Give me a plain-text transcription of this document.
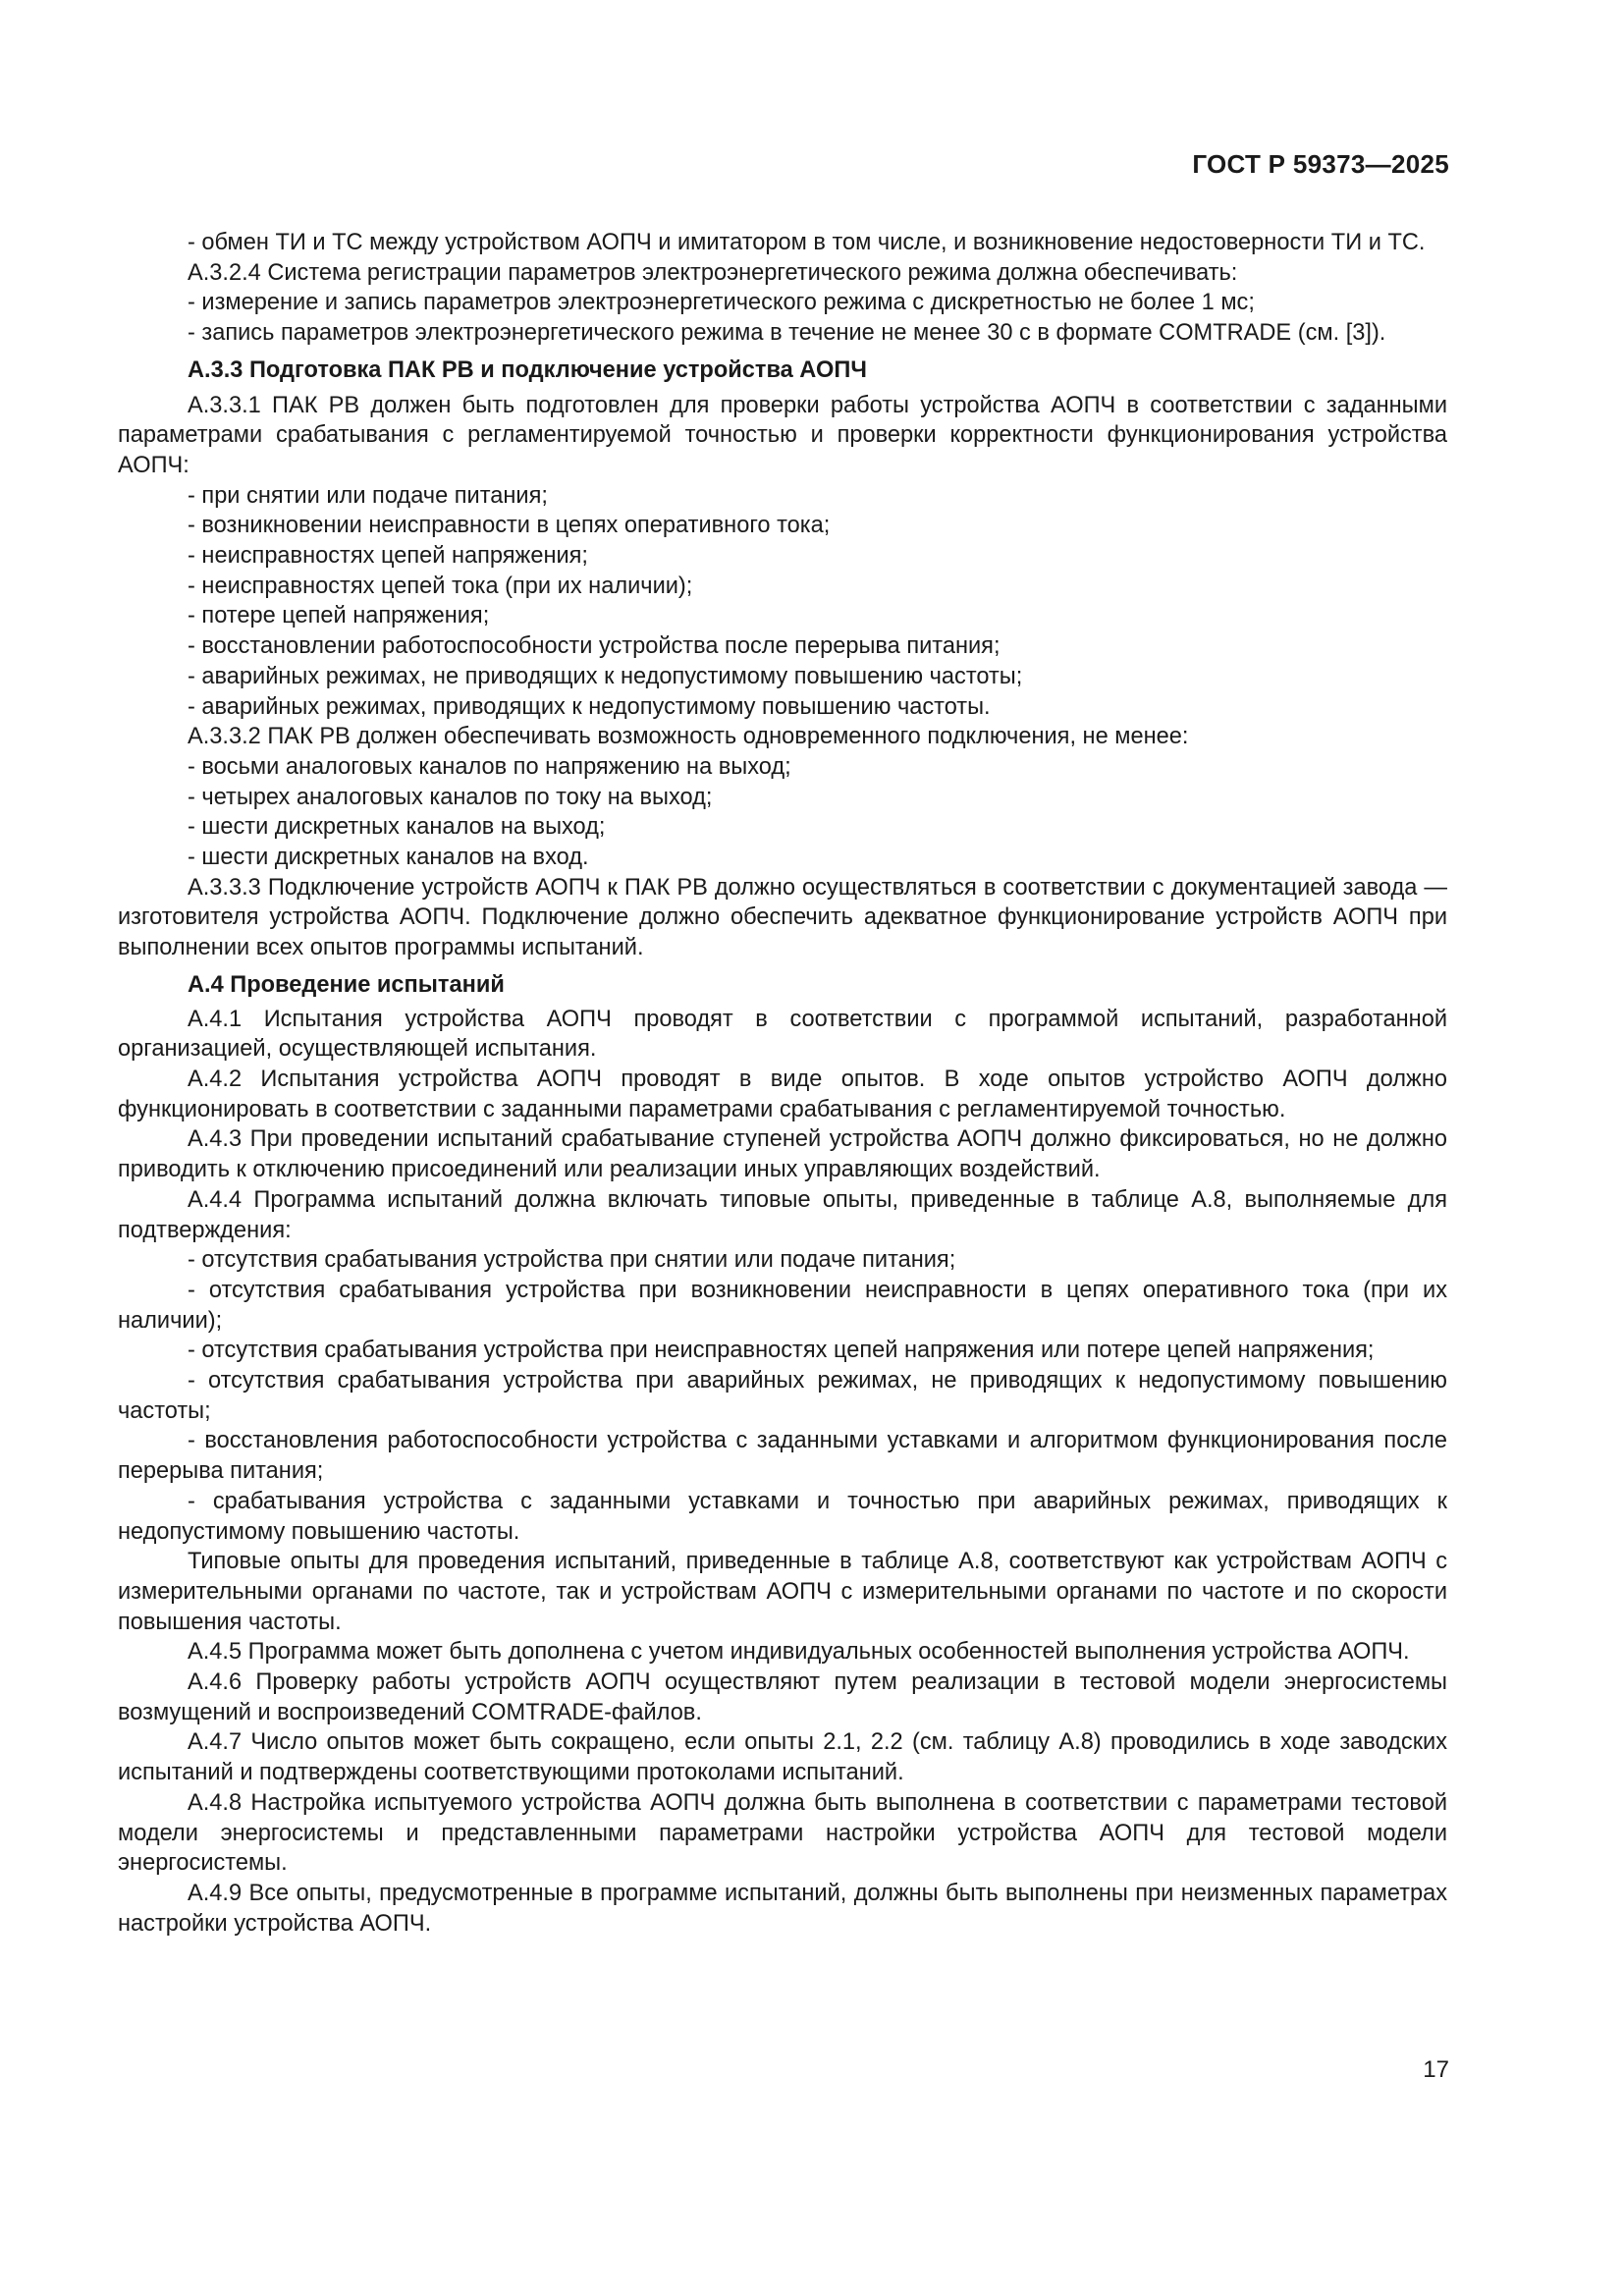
ГОСТ Р 59373—2025

- обмен ТИ и ТС между устройством АОПЧ и имитатором в том числе, и возникновение недостоверности ТИ и ТС.

А.3.2.4 Система регистрации параметров электроэнергетического режима должна обеспечивать:

- измерение и запись параметров электроэнергетического режима с дискретностью не более 1 мс;

- запись параметров электроэнергетического режима в течение не менее 30 с в формате COMTRADE (см. [3]).

А.3.3 Подготовка ПАК РВ и подключение устройства АОПЧ

А.3.3.1 ПАК РВ должен быть подготовлен для проверки работы устройства АОПЧ в соответствии с заданными параметрами срабатывания с регламентируемой точностью и проверки корректности функционирования устройства АОПЧ:

- при снятии или подаче питания;

- возникновении неисправности в цепях оперативного тока;

- неисправностях цепей напряжения;

- неисправностях цепей тока (при их наличии);

- потере цепей напряжения;

- восстановлении работоспособности устройства после перерыва питания;

- аварийных режимах, не приводящих к недопустимому повышению частоты;

- аварийных режимах, приводящих к недопустимому повышению частоты.

А.3.3.2 ПАК РВ должен обеспечивать возможность одновременного подключения, не менее:

- восьми аналоговых каналов по напряжению на выход;

- четырех аналоговых каналов по току на выход;

- шести дискретных каналов на выход;

- шести дискретных каналов на вход.

А.3.3.3 Подключение устройств АОПЧ к ПАК РВ должно осуществляться в соответствии с документацией завода — изготовителя устройства АОПЧ. Подключение должно обеспечить адекватное функционирование устройств АОПЧ при выполнении всех опытов программы испытаний.

А.4 Проведение испытаний

А.4.1 Испытания устройства АОПЧ проводят в соответствии с программой испытаний, разработанной организацией, осуществляющей испытания.

А.4.2 Испытания устройства АОПЧ проводят в виде опытов. В ходе опытов устройство АОПЧ должно функционировать в соответствии с заданными параметрами срабатывания с регламентируемой точностью.

А.4.3 При проведении испытаний срабатывание ступеней устройства АОПЧ должно фиксироваться, но не должно приводить к отключению присоединений или реализации иных управляющих воздействий.

А.4.4 Программа испытаний должна включать типовые опыты, приведенные в таблице А.8, выполняемые для подтверждения:

- отсутствия срабатывания устройства при снятии или подаче питания;

- отсутствия срабатывания устройства при возникновении неисправности в цепях оперативного тока (при их наличии);

- отсутствия срабатывания устройства при неисправностях цепей напряжения или потере цепей напряжения;

- отсутствия срабатывания устройства при аварийных режимах, не приводящих к недопустимому повышению частоты;

- восстановления работоспособности устройства с заданными уставками и алгоритмом функционирования после перерыва питания;

- срабатывания устройства с заданными уставками и точностью при аварийных режимах, приводящих к недопустимому повышению частоты.

Типовые опыты для проведения испытаний, приведенные в таблице А.8, соответствуют как устройствам АОПЧ с измерительными органами по частоте, так и устройствам АОПЧ с измерительными органами по частоте и по скорости повышения частоты.

А.4.5 Программа может быть дополнена с учетом индивидуальных особенностей выполнения устройства АОПЧ.

А.4.6 Проверку работы устройств АОПЧ осуществляют путем реализации в тестовой модели энергосистемы возмущений и воспроизведений COMTRADE-файлов.

А.4.7 Число опытов может быть сокращено, если опыты 2.1, 2.2 (см. таблицу А.8) проводились в ходе заводских испытаний и подтверждены соответствующими протоколами испытаний.

А.4.8 Настройка испытуемого устройства АОПЧ должна быть выполнена в соответствии с параметрами тестовой модели энергосистемы и представленными параметрами настройки устройства АОПЧ для тестовой модели энергосистемы.

А.4.9 Все опыты, предусмотренные в программе испытаний, должны быть выполнены при неизменных параметрах настройки устройства АОПЧ.

17
